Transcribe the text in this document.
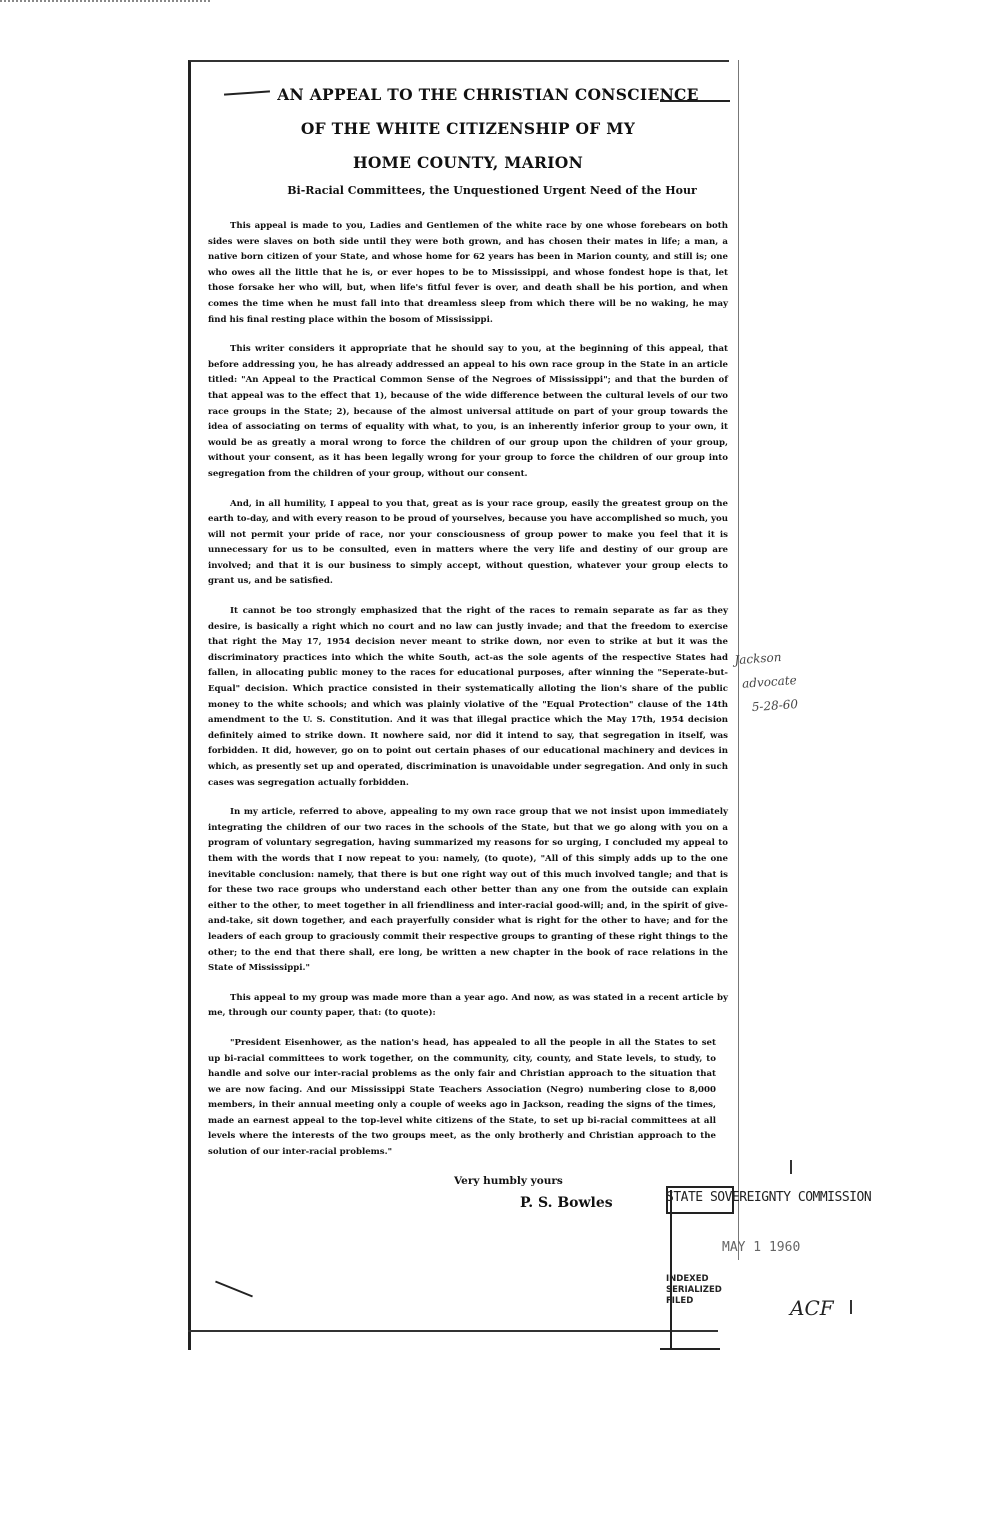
AN APPEAL TO THE CHRISTIAN CONSCIENCE

OF THE WHITE CITIZENSHIP OF MY

HOME COUNTY, MARION

Bi-Racial Committees, the Unquestioned Urgent Need of the Hour

This appeal is made to you, Ladies and Gentlemen of the white race by one whose forebears on both sides were slaves on both side until they were both grown, and has chosen their mates in life; a man, a native born citizen of your State, and whose home for 62 years has been in Marion county, and still is; one who owes all the little that he is, or ever hopes to be to Mississippi, and whose fondest hope is that, let those forsake her who will, but, when life's fitful fever is over, and death shall be his portion, and when comes the time when he must fall into that dreamless sleep from which there will be no waking, he may find his final resting place within the bosom of Mississippi.

This writer considers it appropriate that he should say to you, at the beginning of this appeal, that before addressing you, he has already addressed an appeal to his own race group in the State in an article titled: "An Appeal to the Practical Common Sense of the Negroes of Mississippi"; and that the burden of that appeal was to the effect that 1), because of the wide difference between the cultural levels of our two race groups in the State; 2), because of the almost universal attitude on part of your group towards the idea of associating on terms of equality with what, to you, is an inherently inferior group to your own, it would be as greatly a moral wrong to force the children of our group upon the children of your group, without your consent, as it has been legally wrong for your group to force the children of our group into segregation from the children of your group, without our consent.

And, in all humility, I appeal to you that, great as is your race group, easily the greatest group on the earth to-day, and with every reason to be proud of yourselves, because you have accomplished so much, you will not permit your pride of race, nor your consciousness of group power to make you feel that it is unnecessary for us to be consulted, even in matters where the very life and destiny of our group are involved; and that it is our business to simply accept, without question, whatever your group elects to grant us, and be satisfied.

It cannot be too strongly emphasized that the right of the races to remain separate as far as they desire, is basically a right which no court and no law can justly invade; and that the freedom to exercise that right the May 17, 1954 decision never meant to strike down, nor even to strike at but it was the discriminatory practices into which the white South, act-as the sole agents of the respective States had fallen, in allocating public money to the races for educational purposes, after winning the "Seperate-but-Equal" decision. Which practice consisted in their systematically alloting the lion's share of the public money to the white schools; and which was plainly violative of the "Equal Protection" clause of the 14th amendment to the U. S. Constitution. And it was that illegal practice which the May 17th, 1954 decision definitely aimed to strike down. It nowhere said, nor did it intend to say, that segregation in itself, was forbidden. It did, however, go on to point out certain phases of our educational machinery and devices in which, as presently set up and operated, discrimination is unavoidable under segregation. And only in such cases was segregation actually forbidden.

In my article, referred to above, appealing to my own race group that we not insist upon immediately integrating the children of our two races in the schools of the State, but that we go along with you on a program of voluntary segregation, having summarized my reasons for so urging, I concluded my appeal to them with the words that I now repeat to you: namely, (to quote), "All of this simply adds up to the one inevitable conclusion: namely, that there is but one right way out of this much involved tangle; and that is for these two race groups who understand each other better than any one from the outside can explain either to the other, to meet together in all friendliness and inter-racial good-will; and, in the spirit of give-and-take, sit down together, and each prayerfully consider what is right for the other to have; and for the leaders of each group to graciously commit their respective groups to granting of these right things to the other; to the end that there shall, ere long, be written a new chapter in the book of race relations in the State of Mississippi."

This appeal to my group was made more than a year ago. And now, as was stated in a recent article by me, through our county paper, that: (to quote):

"President Eisenhower, as the nation's head, has appealed to all the people in all the States to set up bi-racial committees to work together, on the community, city, county, and State levels, to study, to handle and solve our inter-racial problems as the only fair and Christian approach to the situation that we are now facing. And our Mississippi State Teachers Association (Negro) numbering close to 8,000 members, in their annual meeting only a couple of weeks ago in Jackson, reading the signs of the times, made an earnest appeal to the top-level white citizens of the State, to set up bi-racial committees at all levels where the interests of the two groups meet, as the only brotherly and Christian approach to the solution of our inter-racial problems."

Very humbly yours
P. S. Bowles
Jackson
advocate
5-28-60
STATE SOVEREIGNTY COMMISSION
MAY 1 1960
INDEXED
SERIALIZED
FILED	ACF
